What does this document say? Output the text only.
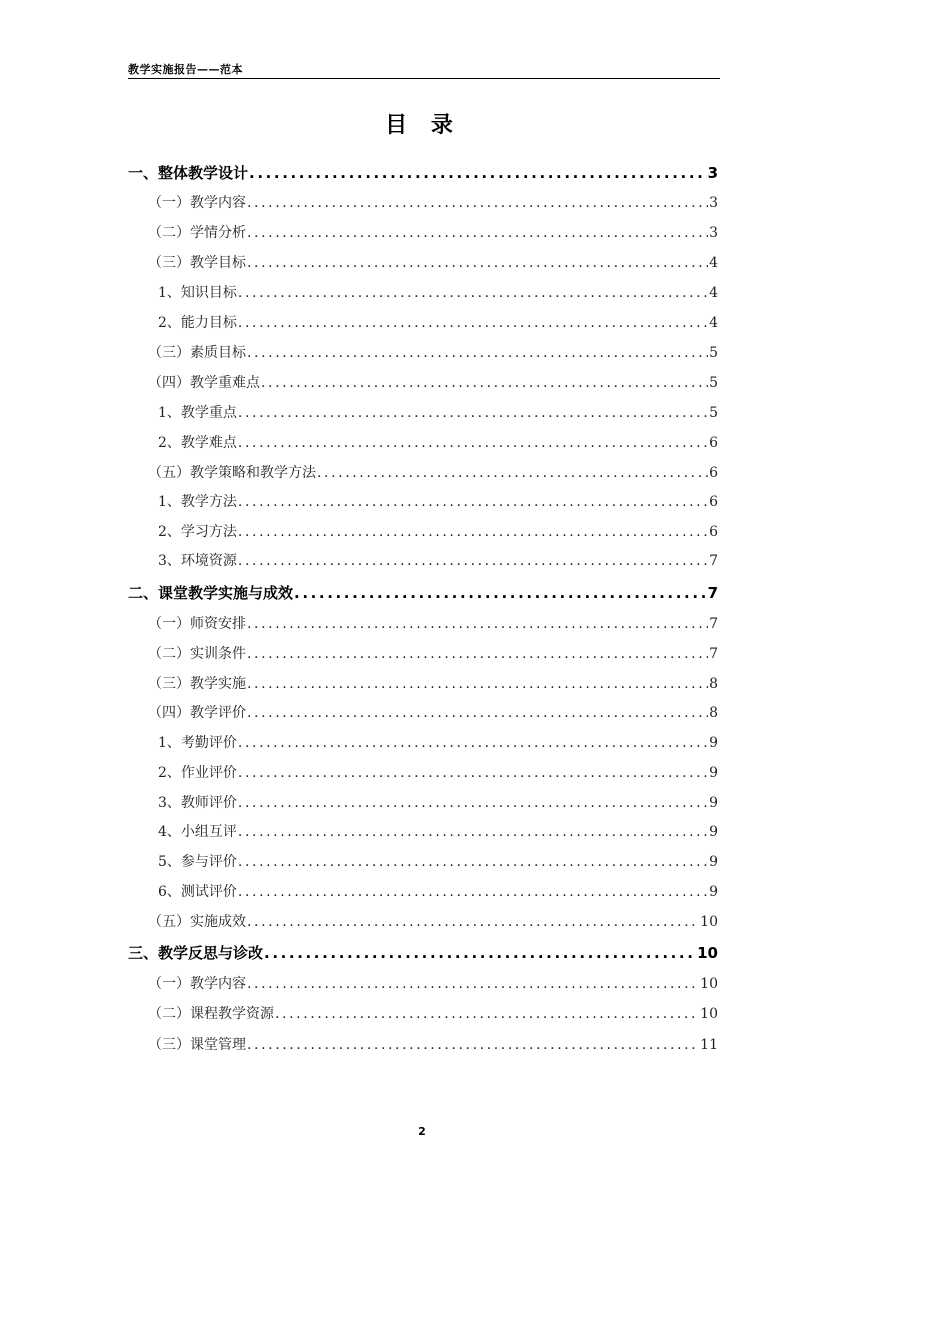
教学实施报告——范本
目 录
一、整体教学设计 .....	3
（一）教学内容 .....	3
（二）学情分析 .....	3
（三）教学目标 .....	4
1、知识目标 .....	4
2、能力目标 .....	4
（三）素质目标 .....	5
（四）教学重难点 .....	5
1、教学重点 .....	5
2、教学难点 .....	6
（五）教学策略和教学方法 .....	6
1、教学方法 .....	6
2、学习方法 .....	6
3、环境资源 .....	7
二、课堂教学实施与成效 .....	7
（一）师资安排 .....	7
（二）实训条件 .....	7
（三）教学实施 .....	8
（四）教学评价 .....	8
1、考勤评价 .....	9
2、作业评价 .....	9
3、教师评价 .....	9
4、小组互评 .....	9
5、参与评价 .....	9
6、测试评价 .....	9
（五）实施成效 .....	10
三、教学反思与诊改 .....	10
（一）教学内容 .....	10
（二）课程教学资源 .....	10
（三）课堂管理 .....	11
2
